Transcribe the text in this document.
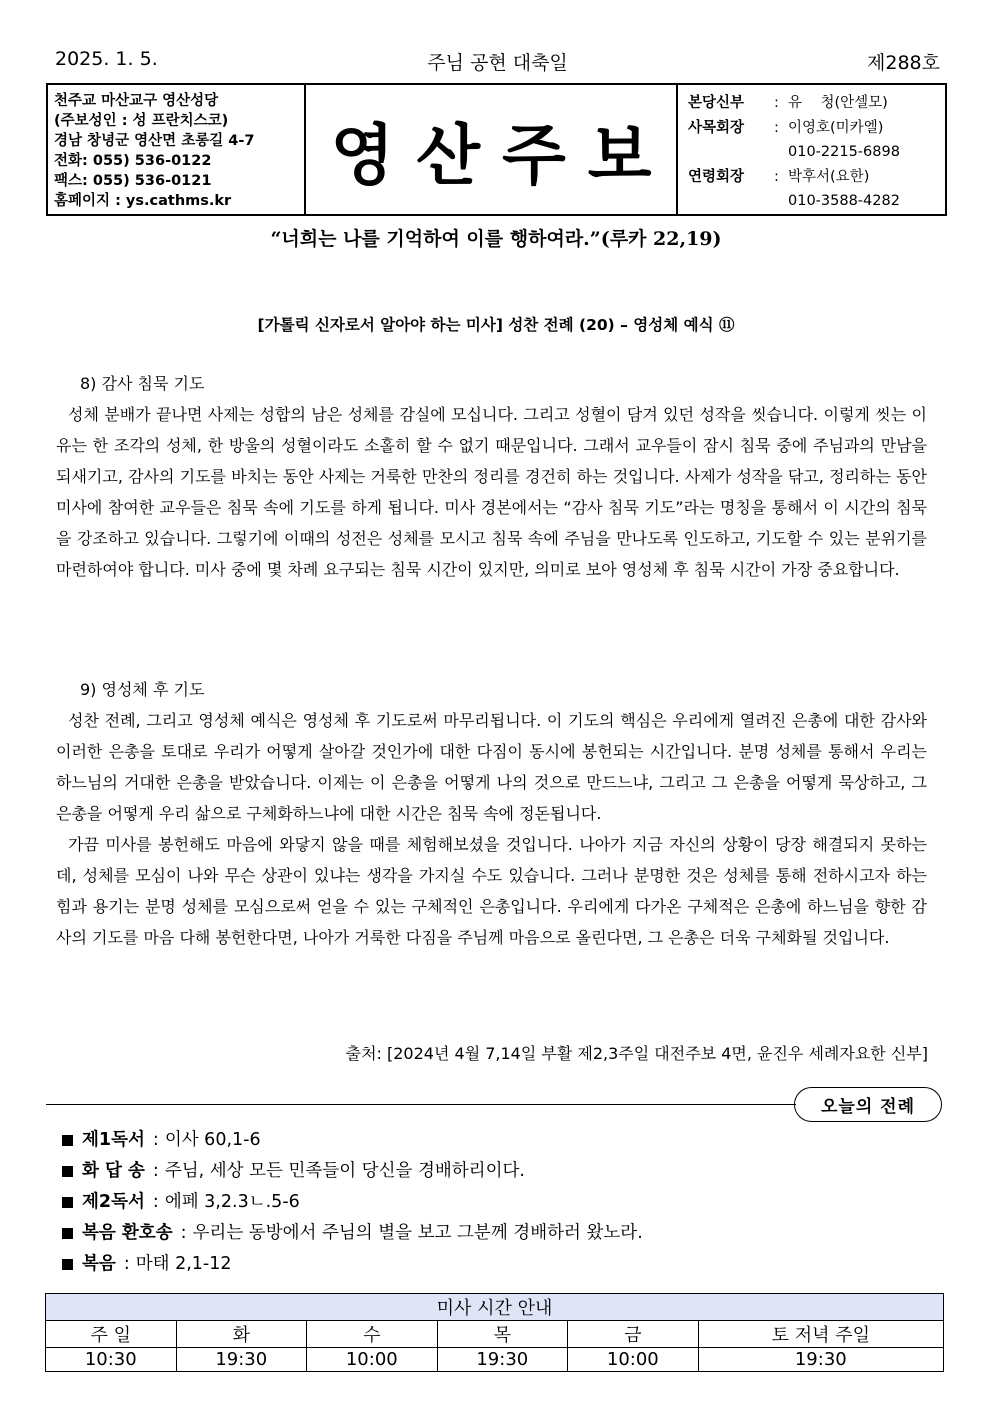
2025. 1. 5.	주님 공현 대축일	제288호
천주교 마산교구 영산성당
(주보성인 : 성 프란치스코)
경남 창녕군 영산면 초롱길 4-7
전화: 055) 536-0122
팩스: 055) 536-0121
홈페이지 : ys.cathms.kr
영산주보
본당신부	: 유    청(안셀모)
사목회장	: 이영호(미카엘)
010-2215-6898
연령회장	: 박후서(요한)
010-3588-4282
“너희는 나를 기억하여 이를 행하여라.”(루카 22,19)
[가톨릭 신자로서 알아야 하는 미사] 성찬 전례 (20) – 영성체 예식 ⑪
8) 감사 침묵 기도
성체 분배가 끝나면 사제는 성합의 남은 성체를 감실에 모십니다. 그리고 성혈이 담겨 있던 성작을 씻습니다. 이렇게 씻는 이유는 한 조각의 성체, 한 방울의 성혈이라도 소홀히 할 수 없기 때문입니다. 그래서 교우들이 잠시 침묵 중에 주님과의 만남을 되새기고, 감사의 기도를 바치는 동안 사제는 거룩한 만찬의 정리를 경건히 하는 것입니다. 사제가 성작을 닦고, 정리하는 동안 미사에 참여한 교우들은 침묵 속에 기도를 하게 됩니다. 미사 경본에서는 “감사 침묵 기도”라는 명칭을 통해서 이 시간의 침묵을 강조하고 있습니다. 그렇기에 이때의 성전은 성체를 모시고 침묵 속에 주님을 만나도록 인도하고, 기도할 수 있는 분위기를 마련하여야 합니다. 미사 중에 몇 차례 요구되는 침묵 시간이 있지만, 의미로 보아 영성체 후 침묵 시간이 가장 중요합니다.
9) 영성체 후 기도
성찬 전례, 그리고 영성체 예식은 영성체 후 기도로써 마무리됩니다. 이 기도의 핵심은 우리에게 열려진 은총에 대한 감사와 이러한 은총을 토대로 우리가 어떻게 살아갈 것인가에 대한 다짐이 동시에 봉헌되는 시간입니다. 분명 성체를 통해서 우리는 하느님의 거대한 은총을 받았습니다. 이제는 이 은총을 어떻게 나의 것으로 만드느냐, 그리고 그 은총을 어떻게 묵상하고, 그 은총을 어떻게 우리 삶으로 구체화하느냐에 대한 시간은 침묵 속에 정돈됩니다.
가끔 미사를 봉헌해도 마음에 와닿지 않을 때를 체험해보셨을 것입니다. 나아가 지금 자신의 상황이 당장 해결되지 못하는데, 성체를 모심이 나와 무슨 상관이 있냐는 생각을 가지실 수도 있습니다. 그러나 분명한 것은 성체를 통해 전하시고자 하는 힘과 용기는 분명 성체를 모심으로써 얻을 수 있는 구체적인 은총입니다. 우리에게 다가온 구체적은 은총에 하느님을 향한 감사의 기도를 마음 다해 봉헌한다면, 나아가 거룩한 다짐을 주님께 마음으로 올린다면, 그 은총은 더욱 구체화될 것입니다.
출처: [2024년 4월 7,14일 부활 제2,3주일 대전주보 4면, 윤진우 세례자요한 신부]
오늘의 전례
제1독서 : 이사 60,1-6
화 답 송 : 주님, 세상 모든 민족들이 당신을 경배하리이다.
제2독서 : 에페 3,2.3ㄴ.5-6
복음 환호송 : 우리는 동방에서 주님의 별을 보고 그분께 경배하러 왔노라.
복음 : 마태 2,1-12
미사 시간 안내					
주 일	화	수	목	금	토 저녁 주일
10:30	19:30	10:00	19:30	10:00	19:30
